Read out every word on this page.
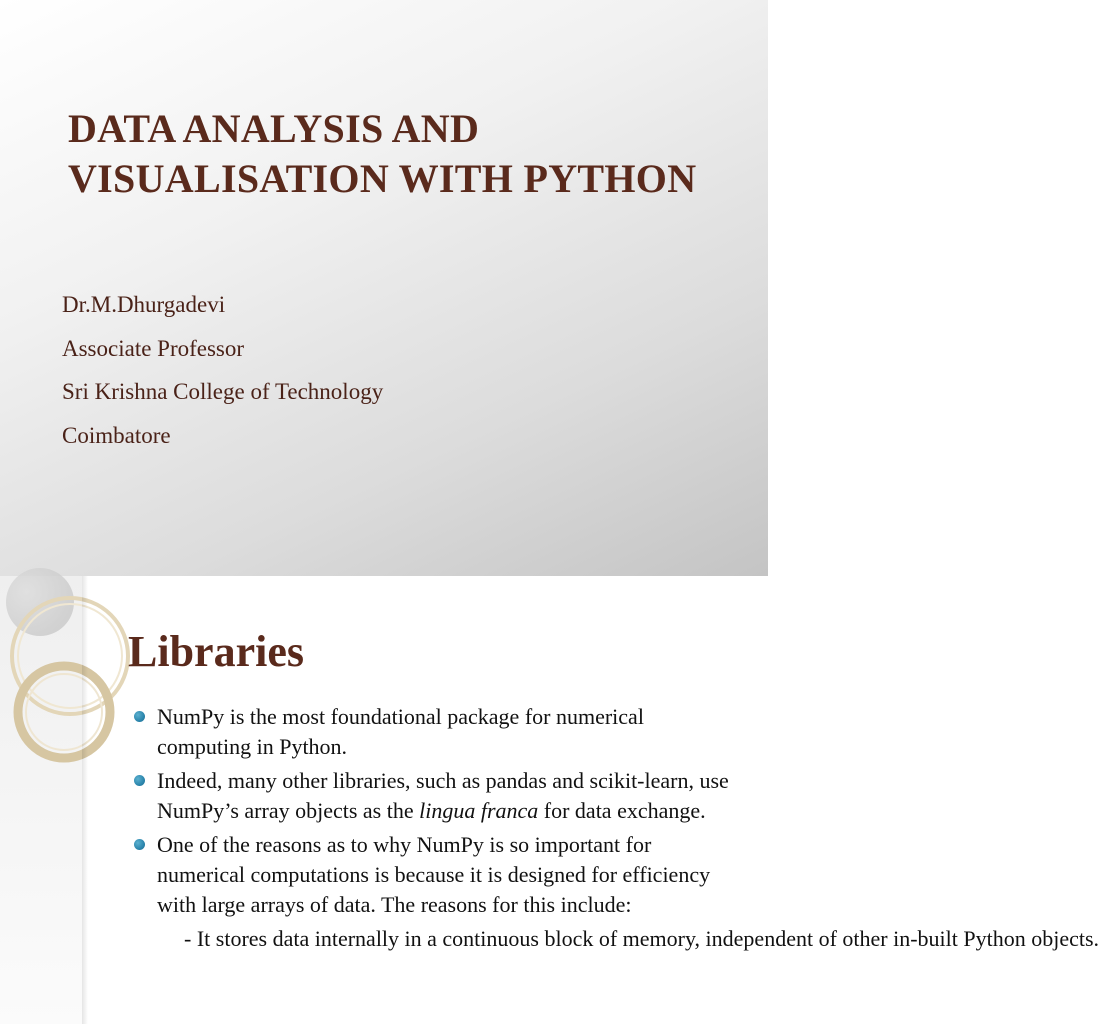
DATA ANALYSIS AND
VISUALISATION WITH PYTHON
Dr.M.Dhurgadevi
Associate Professor
Sri Krishna College of Technology
Coimbatore
Libraries
NumPy is the most foundational package for numerical computing in Python.
Indeed, many other libraries, such as pandas and scikit-learn, use NumPy’s array objects as the lingua franca for data exchange.
One of the reasons as to why NumPy is so important for numerical computations is because it is designed for efficiency with large arrays of data. The reasons for this include:
- It stores data internally in a continuous block of memory, independent of other in-built Python objects.
